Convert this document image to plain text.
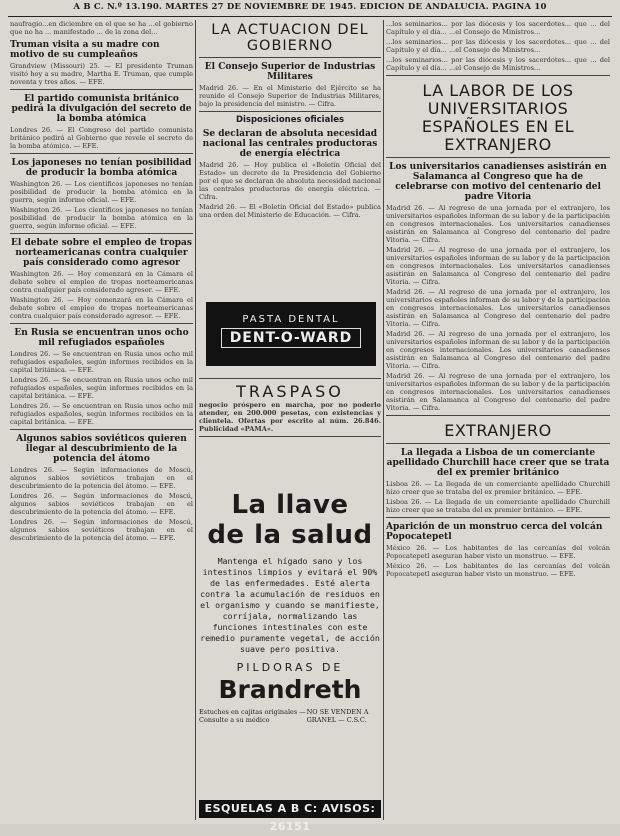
A B C. N.º 13.190. MARTES 27 DE NOVIEMBRE DE 1945. EDICION DE ANDALUCIA. PAGINA 10

naufragio...en diciembre en el que se ha ...el gobierno que no ha ... manifestado ... de la zona del...

Truman visita a su madre con motivo de su cumpleaños

Grandview (Missouri) 25. — El presidente Truman visitó hoy a su madre, Martha E. Truman, que cumple noventa y tres años. — EFE.

El partido comunista británico pedirá la divulgación del secreto de la bomba atómica

Londres 26. — El Congreso del partido comunista británico pedirá al Gobierno que revele el secreto de la bomba atómica. — EFE.

Los japoneses no tenían posibilidad de producir la bomba atómica

Washington 26. — Los científicos japoneses no tenían posibilidad de producir la bomba atómica en la guerra, según informe oficial. — EFE.

Washington 26. — Los científicos japoneses no tenían posibilidad de producir la bomba atómica en la guerra, según informe oficial. — EFE.

El debate sobre el empleo de tropas norteamericanas contra cualquier país considerado como agresor

Washington 26. — Hoy comenzará en la Cámara el debate sobre el empleo de tropas norteamericanas contra cualquier país considerado agresor. — EFE.

Washington 26. — Hoy comenzará en la Cámara el debate sobre el empleo de tropas norteamericanas contra cualquier país considerado agresor. — EFE.

En Rusia se encuentran unos ocho mil refugiados españoles

Londres 26. — Se encuentran en Rusia unos ocho mil refugiados españoles, según informes recibidos en la capital británica. — EFE.

Londres 26. — Se encuentran en Rusia unos ocho mil refugiados españoles, según informes recibidos en la capital británica. — EFE.

Londres 26. — Se encuentran en Rusia unos ocho mil refugiados españoles, según informes recibidos en la capital británica. — EFE.

Algunos sabios soviéticos quieren llegar al descubrimiento de la potencia del átomo

Londres 26. — Según informaciones de Moscú, algunos sabios soviéticos trabajan en el descubrimiento de la potencia del átomo. — EFE.

Londres 26. — Según informaciones de Moscú, algunos sabios soviéticos trabajan en el descubrimiento de la potencia del átomo. — EFE.

Londres 26. — Según informaciones de Moscú, algunos sabios soviéticos trabajan en el descubrimiento de la potencia del átomo. — EFE.

LA ACTUACION DEL GOBIERNO
El Consejo Superior de Industrias Militares

Madrid 26. — En el Ministerio del Ejército se ha reunido el Consejo Superior de Industrias Militares, bajo la presidencia del ministro. — Cifra.

Disposiciones oficiales
Se declaran de absoluta necesidad nacional las centrales productoras de energía eléctrica

Madrid 26. — Hoy publica el «Boletín Oficial del Estado» un decreto de la Presidencia del Gobierno por el que se declaran de absoluta necesidad nacional las centrales productoras de energía eléctrica. — Cifra.

Madrid 26. — El «Boletín Oficial del Estado» publica una orden del Ministerio de Educación. — Cifra.

PASTA DENTAL
DENT-O-WARD
TRASPASO

negocio próspero en marcha, por no poderlo atender, en 200.000 pesetas, con existencias y clientela. Ofertas por escrito al núm. 26.846. Publicidad «PAMA».

La llave
de la salud
Mantenga el hígado sano y los intestinos limpios y evitará el 90% de las enfermedades. Esté alerta contra la acumulación de residuos en el organismo y cuando se manifieste, corríjala, normalizando las funciones intestinales con este remedio puramente vegetal, de acción suave pero positiva.
PILDORAS DE
Brandreth
Estuches en cajitas originales — Consulte a su médico
NO SE VENDEN A GRANEL — C.S.C.
ESQUELAS A B C: AVISOS: 26151

...los seminarios... por las diócesis y los sacerdotes... que ... del Capítulo y el día... ...el Consejo de Ministros...

...los seminarios... por las diócesis y los sacerdotes... que ... del Capítulo y el día... ...el Consejo de Ministros...

...los seminarios... por las diócesis y los sacerdotes... que ... del Capítulo y el día... ...el Consejo de Ministros...

LA LABOR DE LOS UNIVERSITARIOS ESPAÑOLES EN EL EXTRANJERO
Los universitarios canadienses asistirán en Salamanca al Congreso que ha de celebrarse con motivo del centenario del padre Vitoria

Madrid 26. — Al regreso de una jornada por el extranjero, los universitarios españoles informan de su labor y de la participación en congresos internacionales. Los universitarios canadienses asistirán en Salamanca al Congreso del centenario del padre Vitoria. — Cifra.

Madrid 26. — Al regreso de una jornada por el extranjero, los universitarios españoles informan de su labor y de la participación en congresos internacionales. Los universitarios canadienses asistirán en Salamanca al Congreso del centenario del padre Vitoria. — Cifra.

Madrid 26. — Al regreso de una jornada por el extranjero, los universitarios españoles informan de su labor y de la participación en congresos internacionales. Los universitarios canadienses asistirán en Salamanca al Congreso del centenario del padre Vitoria. — Cifra.

Madrid 26. — Al regreso de una jornada por el extranjero, los universitarios españoles informan de su labor y de la participación en congresos internacionales. Los universitarios canadienses asistirán en Salamanca al Congreso del centenario del padre Vitoria. — Cifra.

Madrid 26. — Al regreso de una jornada por el extranjero, los universitarios españoles informan de su labor y de la participación en congresos internacionales. Los universitarios canadienses asistirán en Salamanca al Congreso del centenario del padre Vitoria. — Cifra.

EXTRANJERO
La llegada a Lisboa de un comerciante apellidado Churchill hace creer que se trata del ex premier británico

Lisboa 26. — La llegada de un comerciante apellidado Churchill hizo creer que se trataba del ex premier británico. — EFE.

Lisboa 26. — La llegada de un comerciante apellidado Churchill hizo creer que se trataba del ex premier británico. — EFE.

Aparición de un monstruo cerca del volcán Popocatepetl

México 26. — Los habitantes de las cercanías del volcán Popocatepetl aseguran haber visto un monstruo. — EFE.

México 26. — Los habitantes de las cercanías del volcán Popocatepetl aseguran haber visto un monstruo. — EFE.
